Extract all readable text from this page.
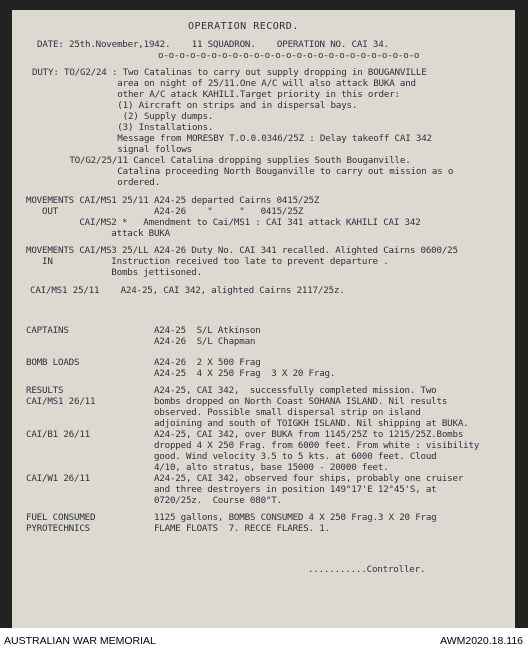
OPERATION RECORD.
DATE: 25th.November,1942.    11 SQUADRON.    OPERATION NO. CAI 34.
o-o-o-o-o-o-o-o-o-o-o-o-o-o-o-o-o-o-o-o-o-o-o-o-o
DUTY: TO/G2/24 : Two Catalinas to carry out supply dropping in BOUGANVILLE
area on night of 25/11.One A/C will also attack BUKA and
other A/C atack KAHILI.Target priority in this order:
(1) Aircraft on strips and in dispersal bays.
(2) Supply dumps.
(3) Installations.
Message from MORESBY T.O.0.0346/25Z : Delay takeoff CAI 342
signal follows
TO/G2/25/11 Cancel Catalina dropping supplies South Bouganville.
Catalina proceeding North Bouganville to carry out mission as o
ordered.
MOVEMENTS CAI/MS1 25/11 A24-25 departed Cairns 0415/25Z
OUT                  A24-26    "     "   0415/25Z
CAI/MS2 *   Amendment to Cai/MS1 : CAI 341 attack KAHILI CAI 342
attack BUKA
MOVEMENTS CAI/MS3 25/LL A24-26 Duty No. CAI 341 recalled. Alighted Cairns 0600/25
IN           Instruction received too late to prevent departure .
Bombs jettisoned.
CAI/MS1 25/11    A24-25, CAI 342, alighted Cairns 2117/25z.
CAPTAINS                A24-25  S/L Atkinson
A24-26  S/L Chapman
BOMB LOADS              A24-26  2 X 500 Frag
A24-25  4 X 250 Frag  3 X 20 Frag.
RESULTS                 A24-25, CAI 342,  successfully completed mission. Two
CAI/MS1 26/11           bombs dropped on North Coast SOHANA ISLAND. Nil results
observed. Possible small dispersal strip on island
adjoining and south of TOIGKH ISLAND. Nil shipping at BUKA.
CAI/B1 26/11            A24-25, CAI 342, over BUKA from 1145/25Z to 1215/25Z.Bombs
dropped 4 X 250 Frag. from 6000 feet. From white : visibility
good. Wind velocity 3.5 to 5 kts. at 6000 feet. Cloud
4/10, alto stratus, base 15000 - 20000 feet.
CAI/W1 26/11            A24-25, CAI 342, observed four ships, probably one cruiser
and three destroyers in position 149°17'E 12°45'S, at
0720/25z.  Course 080°T.
FUEL CONSUMED           1125 gallons, BOMBS CONSUMED 4 X 250 Frag.3 X 20 Frag
PYROTECHNICS            FLAME FLOATS  7. RECCE FLARES. 1.
...........Controller.
AUSTRALIAN WAR MEMORIAL	AWM2020.18.116
